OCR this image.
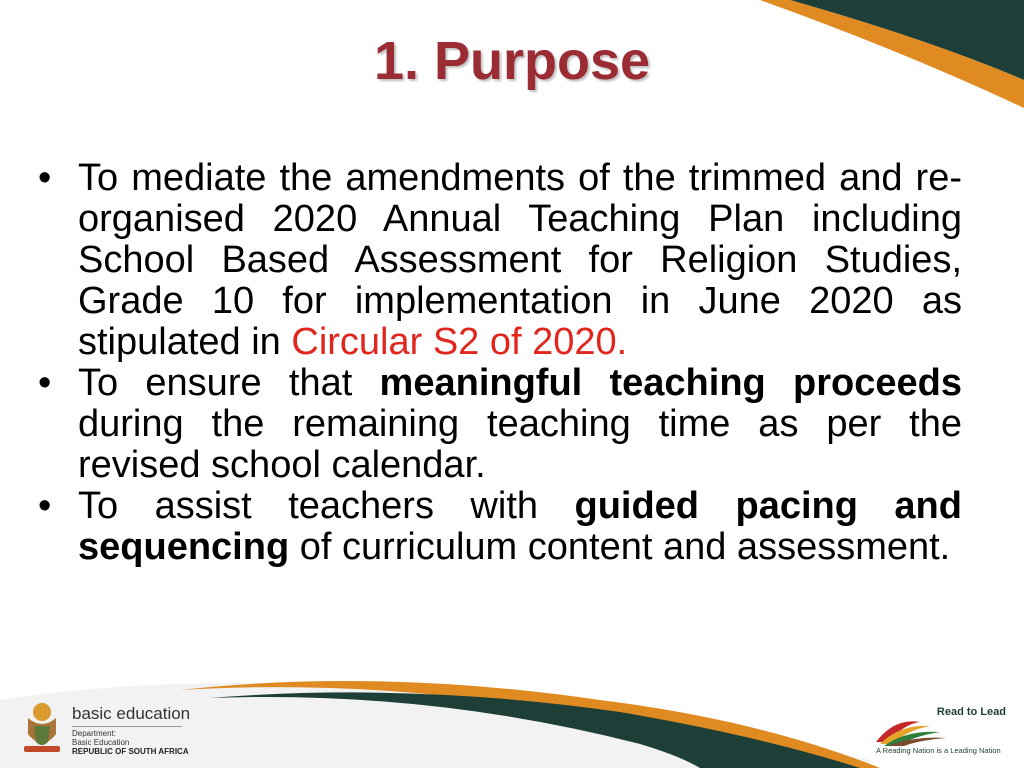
1. Purpose

• To mediate the amendments of the trimmed and re-organised 2020 Annual Teaching Plan including School Based Assessment for Religion Studies, Grade 10 for implementation in June 2020 as stipulated in Circular S2 of 2020.

• To ensure that meaningful teaching proceeds during the remaining teaching time as per the revised school calendar.

• To assist teachers with guided pacing and sequencing of curriculum content and assessment.

basic education
Department:
Basic Education
REPUBLIC OF SOUTH AFRICA
Read to Lead
A Reading Nation is a Leading Nation
